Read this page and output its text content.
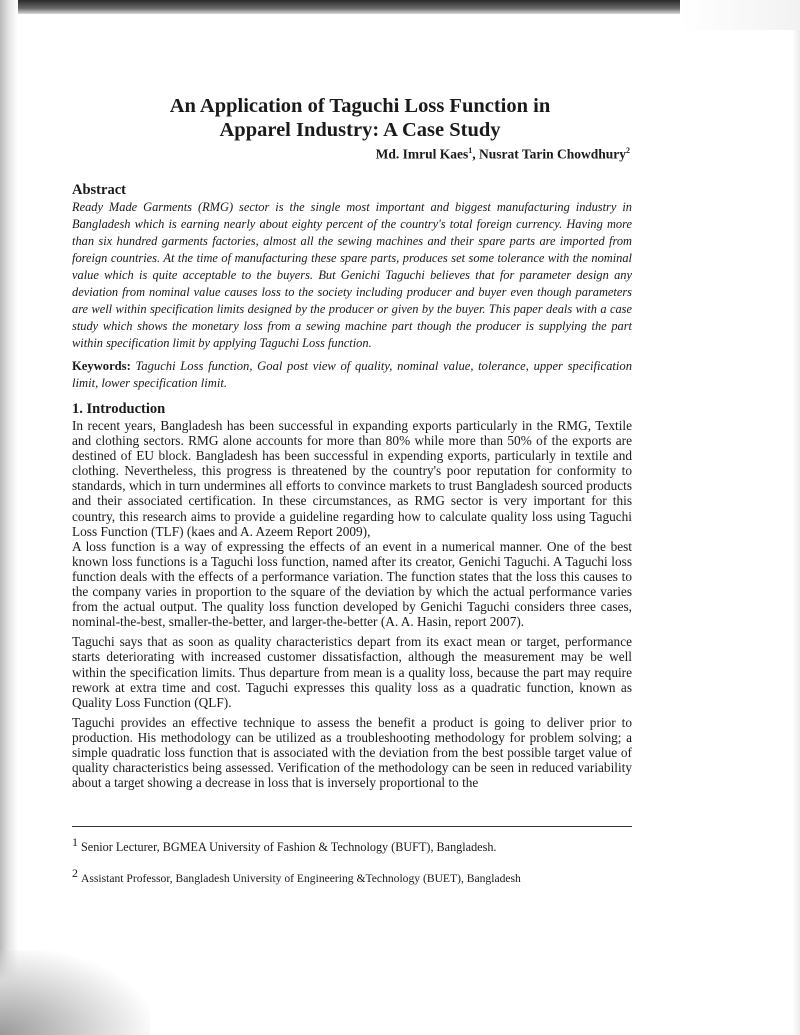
An Application of Taguchi Loss Function in
Apparel Industry: A Case Study
Md. Imrul Kaes$^1$, Nusrat Tarin Chowdhury$^2$

Abstract

Ready Made Garments (RMG) sector is the single most important and biggest manufacturing industry in Bangladesh which is earning nearly about eighty percent of the country's total foreign currency. Having more than six hundred garments factories, almost all the sewing machines and their spare parts are imported from foreign countries. At the time of manufacturing these spare parts, produces set some tolerance with the nominal value which is quite acceptable to the buyers. But Genichi Taguchi believes that for parameter design any deviation from nominal value causes loss to the society including producer and buyer even though parameters are well within specification limits designed by the producer or given by the buyer. This paper deals with a case study which shows the monetary loss from a sewing machine part though the producer is supplying the part within specification limit by applying Taguchi Loss function.

Keywords: Taguchi Loss function, Goal post view of quality, nominal value, tolerance, upper specification limit, lower specification limit.

1. Introduction

In recent years, Bangladesh has been successful in expanding exports particularly in the RMG, Textile and clothing sectors. RMG alone accounts for more than 80% while more than 50% of the exports are destined of EU block. Bangladesh has been successful in expending exports, particularly in textile and clothing. Nevertheless, this progress is threatened by the country's poor reputation for conformity to standards, which in turn undermines all efforts to convince markets to trust Bangladesh sourced products and their associated certification. In these circumstances, as RMG sector is very important for this country, this research aims to provide a guideline regarding how to calculate quality loss using Taguchi Loss Function (TLF) (kaes and A. Azeem Report 2009),

A loss function is a way of expressing the effects of an event in a numerical manner. One of the best known loss functions is a Taguchi loss function, named after its creator, Genichi Taguchi. A Taguchi loss function deals with the effects of a performance variation. The function states that the loss this causes to the company varies in proportion to the square of the deviation by which the actual performance varies from the actual output. The quality loss function developed by Genichi Taguchi considers three cases, nominal-the-best, smaller-the-better, and larger-the-better (A. A. Hasin, report 2007).

Taguchi says that as soon as quality characteristics depart from its exact mean or target, performance starts deteriorating with increased customer dissatisfaction, although the measurement may be well within the specification limits. Thus departure from mean is a quality loss, because the part may require rework at extra time and cost. Taguchi expresses this quality loss as a quadratic function, known as Quality Loss Function (QLF).

Taguchi provides an effective technique to assess the benefit a product is going to deliver prior to production. His methodology can be utilized as a troubleshooting methodology for problem solving; a simple quadratic loss function that is associated with the deviation from the best possible target value of quality characteristics being assessed. Verification of the methodology can be seen in reduced variability about a target showing a decrease in loss that is inversely proportional to the

$^1$ Senior Lecturer, BGMEA University of Fashion & Technology (BUFT), Bangladesh.

$^2$ Assistant Professor, Bangladesh University of Engineering &Technology (BUET), Bangladesh
